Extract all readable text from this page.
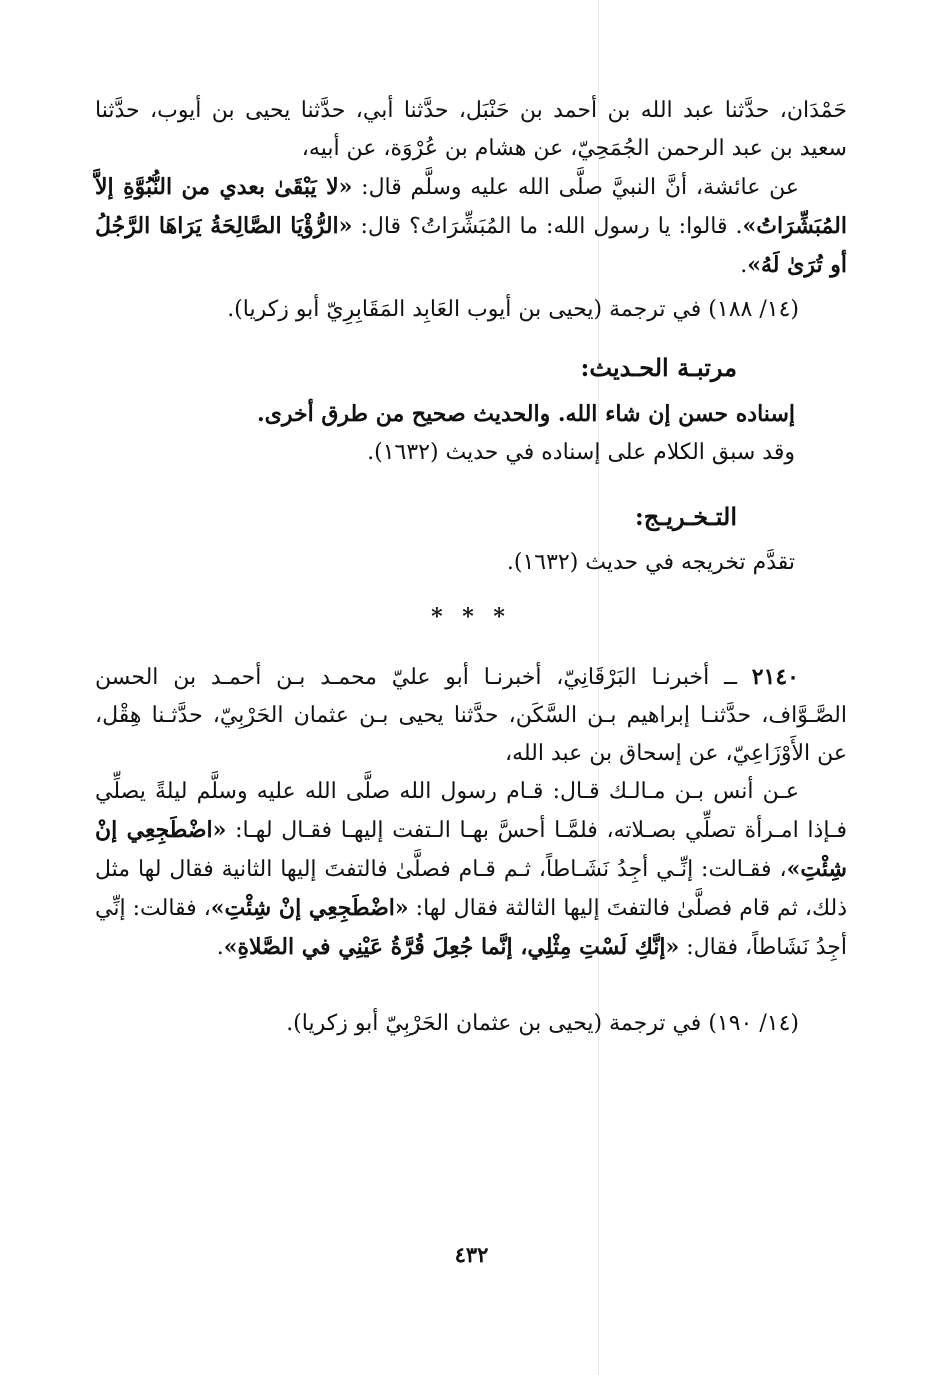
حَمْدَان، حدَّثنا عبد الله بن أحمد بن حَنْبَل، حدَّثنا أبي، حدَّثنا يحيى بن أيوب، حدَّثنا سعيد بن عبد الرحمن الجُمَحِيّ، عن هشام بن عُرْوَة، عن أبيه،

عن عائشة، أنَّ النبيَّ صلَّى الله عليه وسلَّم قال: «لا يَبْقَىٰ بعدي من النُّبُوَّةِ إلاَّ المُبَشِّرَاتُ». قالوا: يا رسول الله: ما المُبَشِّرَاتُ؟ قال: «الرُّؤْيَا الصَّالِحَةُ يَرَاهَا الرَّجُلُ أو تُرَىٰ لَهُ».

(١٤/ ١٨٨) في ترجمة (يحيى بن أيوب العَابِد المَقَابِرِيّ أبو زكريا).

مرتبـة الحـديث:
إسناده حسن إن شاء الله. والحديث صحيح من طرق أخرى.
وقد سبق الكلام على إسناده في حديث (١٦٣٢).
التـخـريـج:
تقدَّم تخريجه في حديث (١٦٣٢).
* * *

٢١٤٠ ــ أخبرنـا البَرْقَانِيّ، أخبرنـا أبو عليّ محمـد بـن أحمـد بن الحسن الصَّـوَّاف، حدَّثنـا إبراهيم بـن السَّكَن، حدَّثنا يحيى بـن عثمان الحَرْبِيّ، حدَّثـنا هِقْل، عن الأَوْزَاعِيّ، عن إسحاق بن عبد الله،

عـن أنس بـن مـالـك قـال: قـام رسول الله صلَّى الله عليه وسلَّم ليلةً يصلِّي فـإذا امـرأة تصلِّي بصـلاته، فلمَّـا أحسَّ بهـا الـتفت إليهـا فقـال لهـا: «اضْطَجِعِي إنْ شِئْتِ»، فقـالت: إنِّـي أجِدُ نَشَـاطاً، ثـم قـام فصلَّىٰ فالتفتَ إليها الثانية فقال لها مثل ذلك، ثم قام فصلَّىٰ فالتفتَ إليها الثالثة فقال لها: «اضْطَجِعِي إنْ شِئْتِ»، فقالت: إنِّي أجِدُ نَشَاطاً، فقال: «إنَّكِ لَسْتِ مِثْلِي، إنَّما جُعِلَ قُرَّةُ عَيْنِي في الصَّلاةِ».

(١٤/ ١٩٠) في ترجمة (يحيى بن عثمان الحَرْبِيّ أبو زكريا).

٤٣٢
